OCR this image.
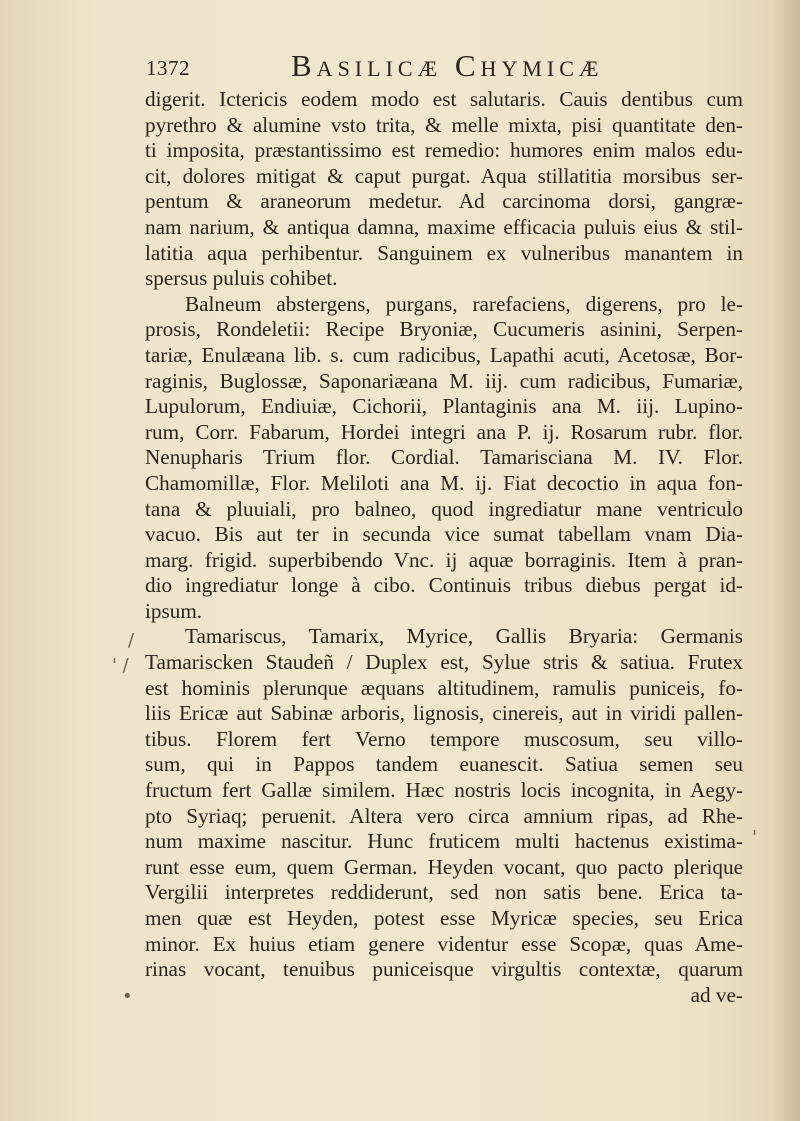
1372	Basilicæ Chymicæ
digerit. Ictericis eodem modo est salutaris. Cauis dentibus cum
pyrethro & alumine vsto trita, & melle mixta, pisi quantitate den-
ti imposita, præstantissimo est remedio: humores enim malos edu-
cit, dolores mitigat & caput purgat. Aqua stillatitia morsibus ser-
pentum & araneorum medetur. Ad carcinoma dorsi, gangræ-
nam narium, & antiqua damna, maxime efficacia puluis eius & stil-
latitia aqua perhibentur. Sanguinem ex vulneribus manantem in
spersus puluis cohibet.
Balneum abstergens, purgans, rarefaciens, digerens, pro le-
prosis, Rondeletii: Recipe Bryoniæ, Cucumeris asinini, Serpen-
tariæ, Enulæana lib. s. cum radicibus, Lapathi acuti, Acetosæ, Bor-
raginis, Buglossæ, Saponariæana M. iij. cum radicibus, Fumariæ,
Lupulorum, Endiuiæ, Cichorii, Plantaginis ana M. iij. Lupino-
rum, Corr. Fabarum, Hordei integri ana P. ij. Rosarum rubr. flor.
Nenupharis Trium flor. Cordial. Tamarisciana M. IV. Flor.
Chamomillæ, Flor. Meliloti ana M. ij. Fiat decoctio in aqua fon-
tana & pluuiali, pro balneo, quod ingrediatur mane ventriculo
vacuo. Bis aut ter in secunda vice sumat tabellam vnam Dia-
marg. frigid. superbibendo Vnc. ij aquæ borraginis. Item à pran-
dio ingrediatur longe à cibo. Continuis tribus diebus pergat id-
ipsum.
Tamariscus, Tamarix, Myrice, Gallis Bryaria: Germanis
Tamariscken Staudeñ / Duplex est, Sylue stris & satiua. Frutex
est hominis plerunque æquans altitudinem, ramulis puniceis, fo-
liis Ericæ aut Sabinæ arboris, lignosis, cinereis, aut in viridi pallen-
tibus. Florem fert Verno tempore muscosum, seu villo-
sum, qui in Pappos tandem euanescit. Satiua semen seu
fructum fert Gallæ similem. Hæc nostris locis incognita, in Aegy-
pto Syriaq; peruenit. Altera vero circa amnium ripas, ad Rhe-
num maxime nascitur. Hunc fruticem multi hactenus existima-
runt esse eum, quem German. Heyden vocant, quo pacto plerique
Vergilii interpretes reddiderunt, sed non satis bene. Erica ta-
men quæ est Heyden, potest esse Myricæ species, seu Erica
minor. Ex huius etiam genere videntur esse Scopæ, quas Ame-
rinas vocant, tenuibus puniceisque virgultis contextæ, quarum
ad ve-
' /
/
'
•
